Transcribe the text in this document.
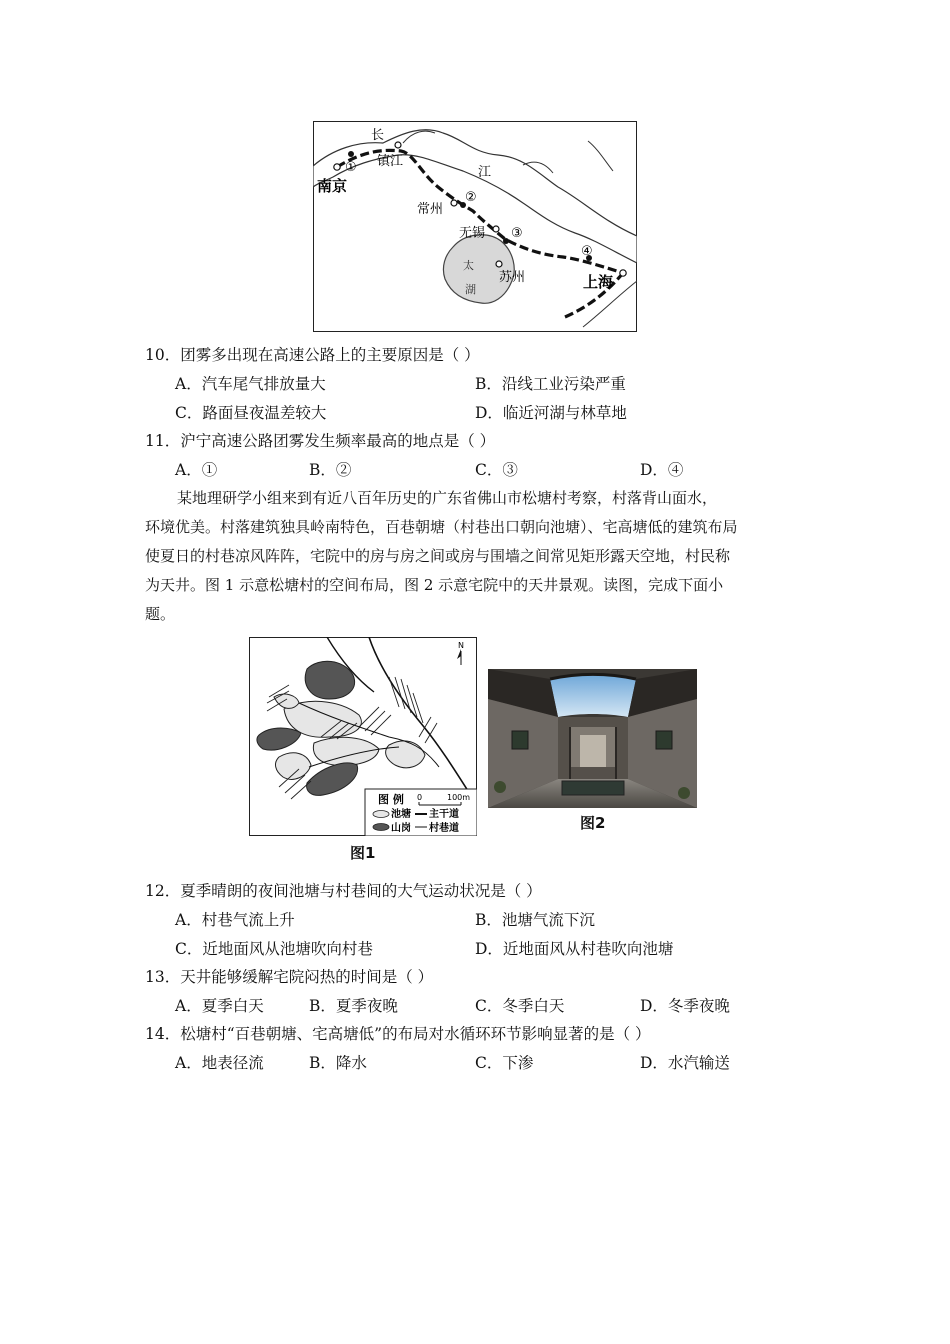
长
江
南京
镇江
常州
无锡
苏州	上海
太
湖
①
②
③
④
10．团雾多出现在高速公路上的主要原因是（ ）
A．汽车尾气排放量大	B．沿线工业污染严重
C．路面昼夜温差较大	D．临近河湖与林草地
11．沪宁高速公路团雾发生频率最高的地点是（ ）
A．①	B．②	C．③	D．④
某地理研学小组来到有近八百年历史的广东省佛山市松塘村考察，村落背山面水，
环境优美。村落建筑独具岭南特色，百巷朝塘（村巷出口朝向池塘）、宅高塘低的建筑布局
使夏日的村巷凉风阵阵，宅院中的房与房之间或房与围墙之间常见矩形露天空地，村民称
为天井。图 1 示意松塘村的空间布局，图 2 示意宅院中的天井景观。读图，完成下面小
题。
N
图 例 0	100m
池塘 主干道
山岗 村巷道
图1
图2
12．夏季晴朗的夜间池塘与村巷间的大气运动状况是（ ）
A．村巷气流上升	B．池塘气流下沉
C．近地面风从池塘吹向村巷	D．近地面风从村巷吹向池塘
13．天井能够缓解宅院闷热的时间是（ ）
A．夏季白天	B．夏季夜晚	C．冬季白天	D．冬季夜晚
14．松塘村“百巷朝塘、宅高塘低”的布局对水循环环节影响显著的是（ ）
A．地表径流	B．降水	C．下渗	D．水汽输送
